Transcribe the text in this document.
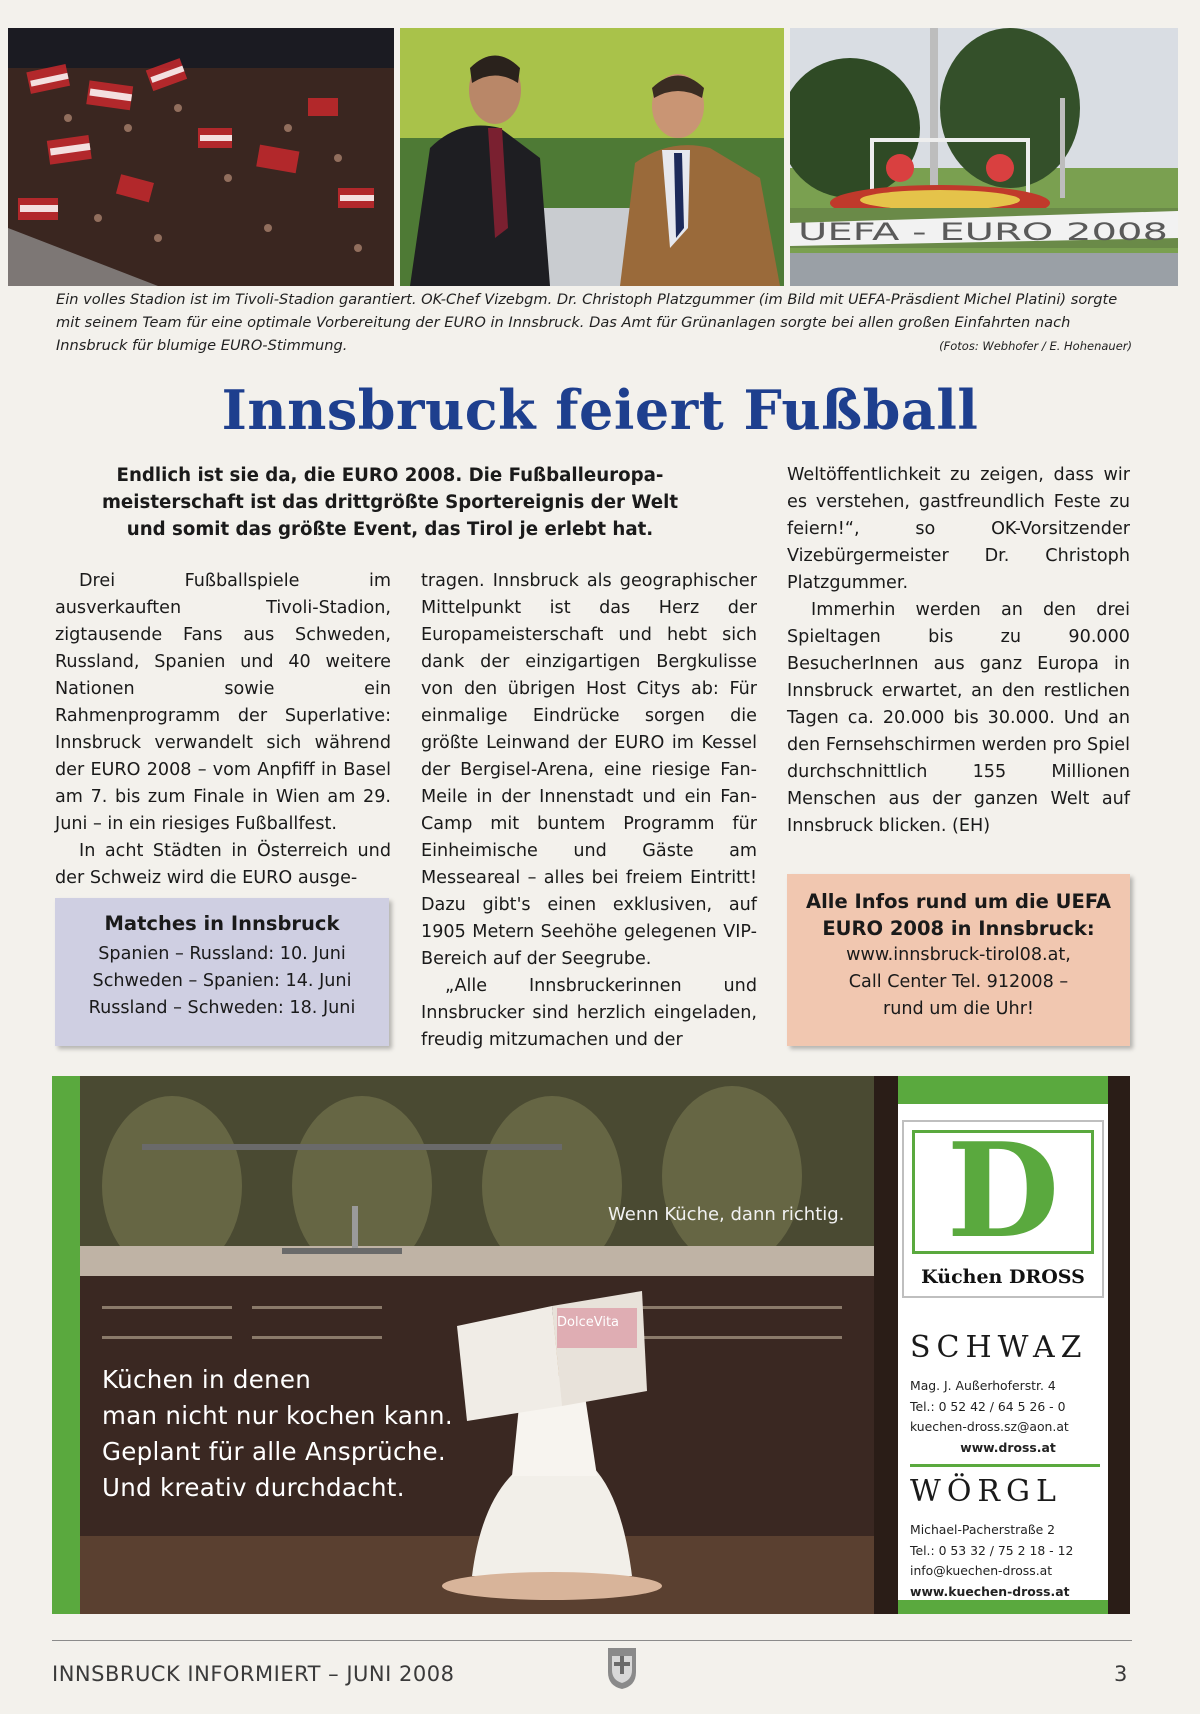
UEFA - EURO 2008
Ein volles Stadion ist im Tivoli-Stadion garantiert. OK-Chef Vizebgm. Dr. Christoph Platzgummer (im Bild mit UEFA-Präsdient Michel Platini) sorgte mit seinem Team für eine optimale Vorbereitung der EURO in Innsbruck. Das Amt für Grünanlagen sorgte bei allen großen Einfahrten nach Innsbruck für blumige EURO-Stimmung.	(Fotos: Webhofer / E. Hohenauer)
Innsbruck feiert Fußball
Endlich ist sie da, die EURO 2008. Die Fußballeuropa-meisterschaft ist das drittgrößte Sportereignis der Welt und somit das größte Event, das Tirol je erlebt hat.

Drei Fußballspiele im ausverkauften Tivoli-Stadion, zigtausende Fans aus Schweden, Russland, Spanien und 40 weitere Nationen sowie ein Rahmenprogramm der Superlative: Innsbruck verwandelt sich während der EURO 2008 – vom Anpfiff in Basel am 7. bis zum Finale in Wien am 29. Juni – in ein riesiges Fußballfest.

In acht Städten in Österreich und der Schweiz wird die EURO ausge-

tragen. Innsbruck als geographischer Mittelpunkt ist das Herz der Europameisterschaft und hebt sich dank der einzigartigen Bergkulisse von den übrigen Host Citys ab: Für einmalige Eindrücke sorgen die größte Leinwand der EURO im Kessel der Bergisel-Arena, eine riesige Fan-Meile in der Innenstadt und ein Fan-Camp mit buntem Programm für Einheimische und Gäste am Messeareal – alles bei freiem Eintritt! Dazu gibt's einen exklusiven, auf 1905 Metern Seehöhe gelegenen VIP-Bereich auf der Seegrube.

„Alle Innsbruckerinnen und Innsbrucker sind herzlich eingeladen, freudig mitzumachen und der

Weltöffentlichkeit zu zeigen, dass wir es verstehen, gastfreundlich Feste zu feiern!“, so OK-Vorsitzender Vizebürgermeister Dr. Christoph Platzgummer.

Immerhin werden an den drei Spieltagen bis zu 90.000 BesucherInnen aus ganz Europa in Innsbruck erwartet, an den restlichen Tagen ca. 20.000 bis 30.000. Und an den Fernsehschirmen werden pro Spiel durchschnittlich 155 Millionen Menschen aus der ganzen Welt auf Innsbruck blicken. (EH)

Matches in Innsbruck
Spanien – Russland: 10. Juni
Schweden – Spanien: 14. Juni
Russland – Schweden: 18. Juni
Alle Infos rund um die UEFA EURO 2008 in Innsbruck:
www.innsbruck-tirol08.at,
Call Center Tel. 912008 –
rund um die Uhr!
DolceVita
Wenn Küche, dann richtig.
Küchen in denen
man nicht nur kochen kann.
Geplant für alle Ansprüche.
Und kreativ durchdacht.
D
Küchen DROSS
SCHWAZ
Mag. J. Außerhoferstr. 4
Tel.: 0 52 42 / 64 5 26 - 0
kuechen-dross.sz@aon.at
www.dross.at
WÖRGL
Michael-Pacherstraße 2
Tel.: 0 53 32 / 75 2 18 - 12
info@kuechen-dross.at
www.kuechen-dross.at
INNSBRUCK INFORMIERT – JUNI 2008	3
